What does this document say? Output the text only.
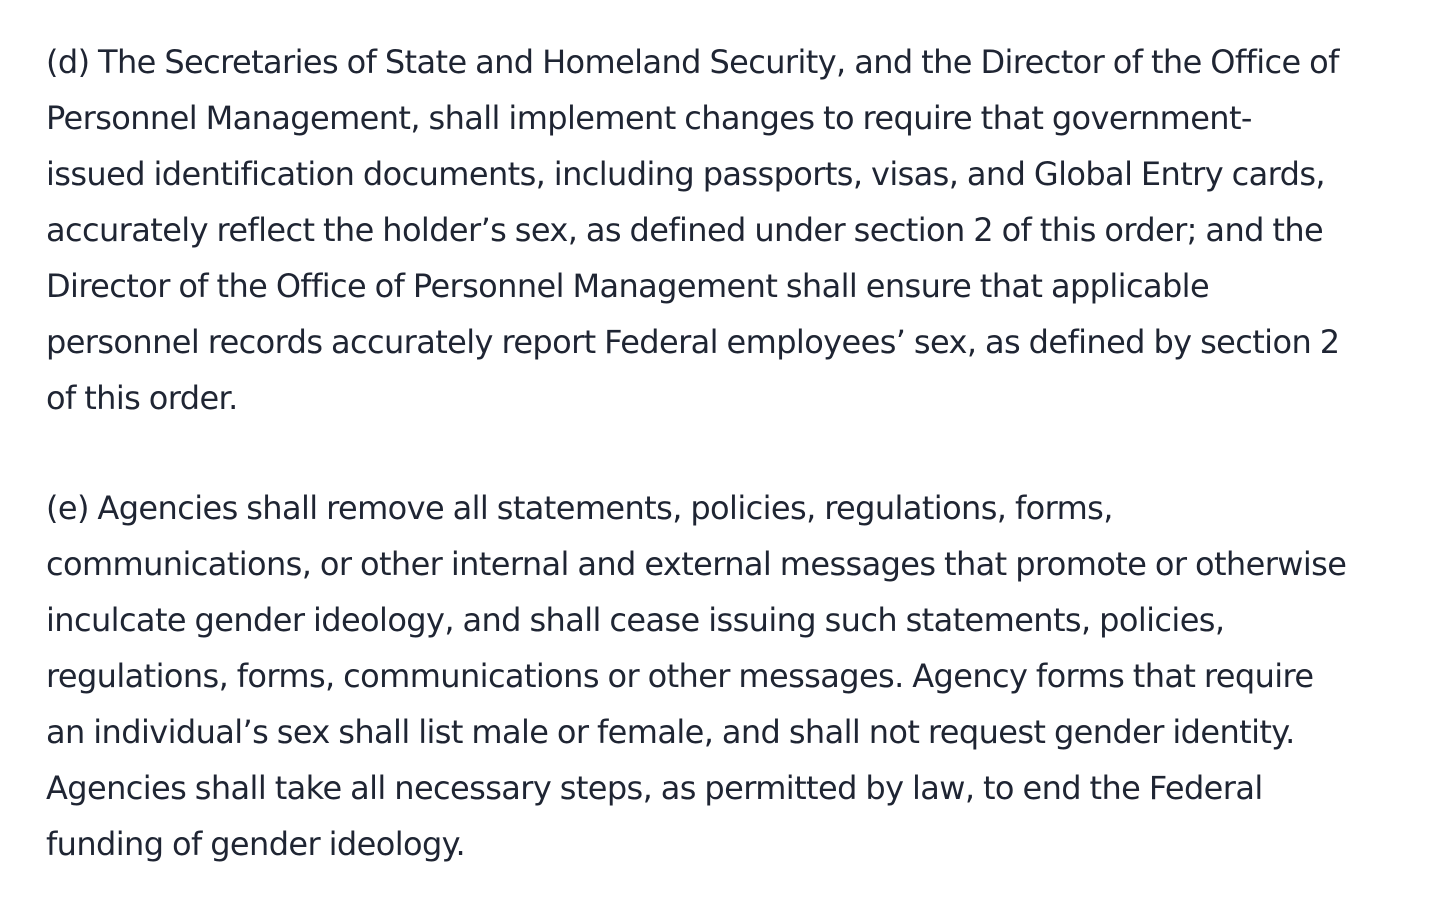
(d) The Secretaries of State and Homeland Security, and the Director of the Office of
Personnel Management, shall implement changes to require that government-
issued identification documents, including passports, visas, and Global Entry cards,
accurately reflect the holder’s sex, as defined under section 2 of this order; and the
Director of the Office of Personnel Management shall ensure that applicable
personnel records accurately report Federal employees’ sex, as defined by section 2
of this order.

(e) Agencies shall remove all statements, policies, regulations, forms,
communications, or other internal and external messages that promote or otherwise
inculcate gender ideology, and shall cease issuing such statements, policies,
regulations, forms, communications or other messages. Agency forms that require
an individual’s sex shall list male or female, and shall not request gender identity.
Agencies shall take all necessary steps, as permitted by law, to end the Federal
funding of gender ideology.
